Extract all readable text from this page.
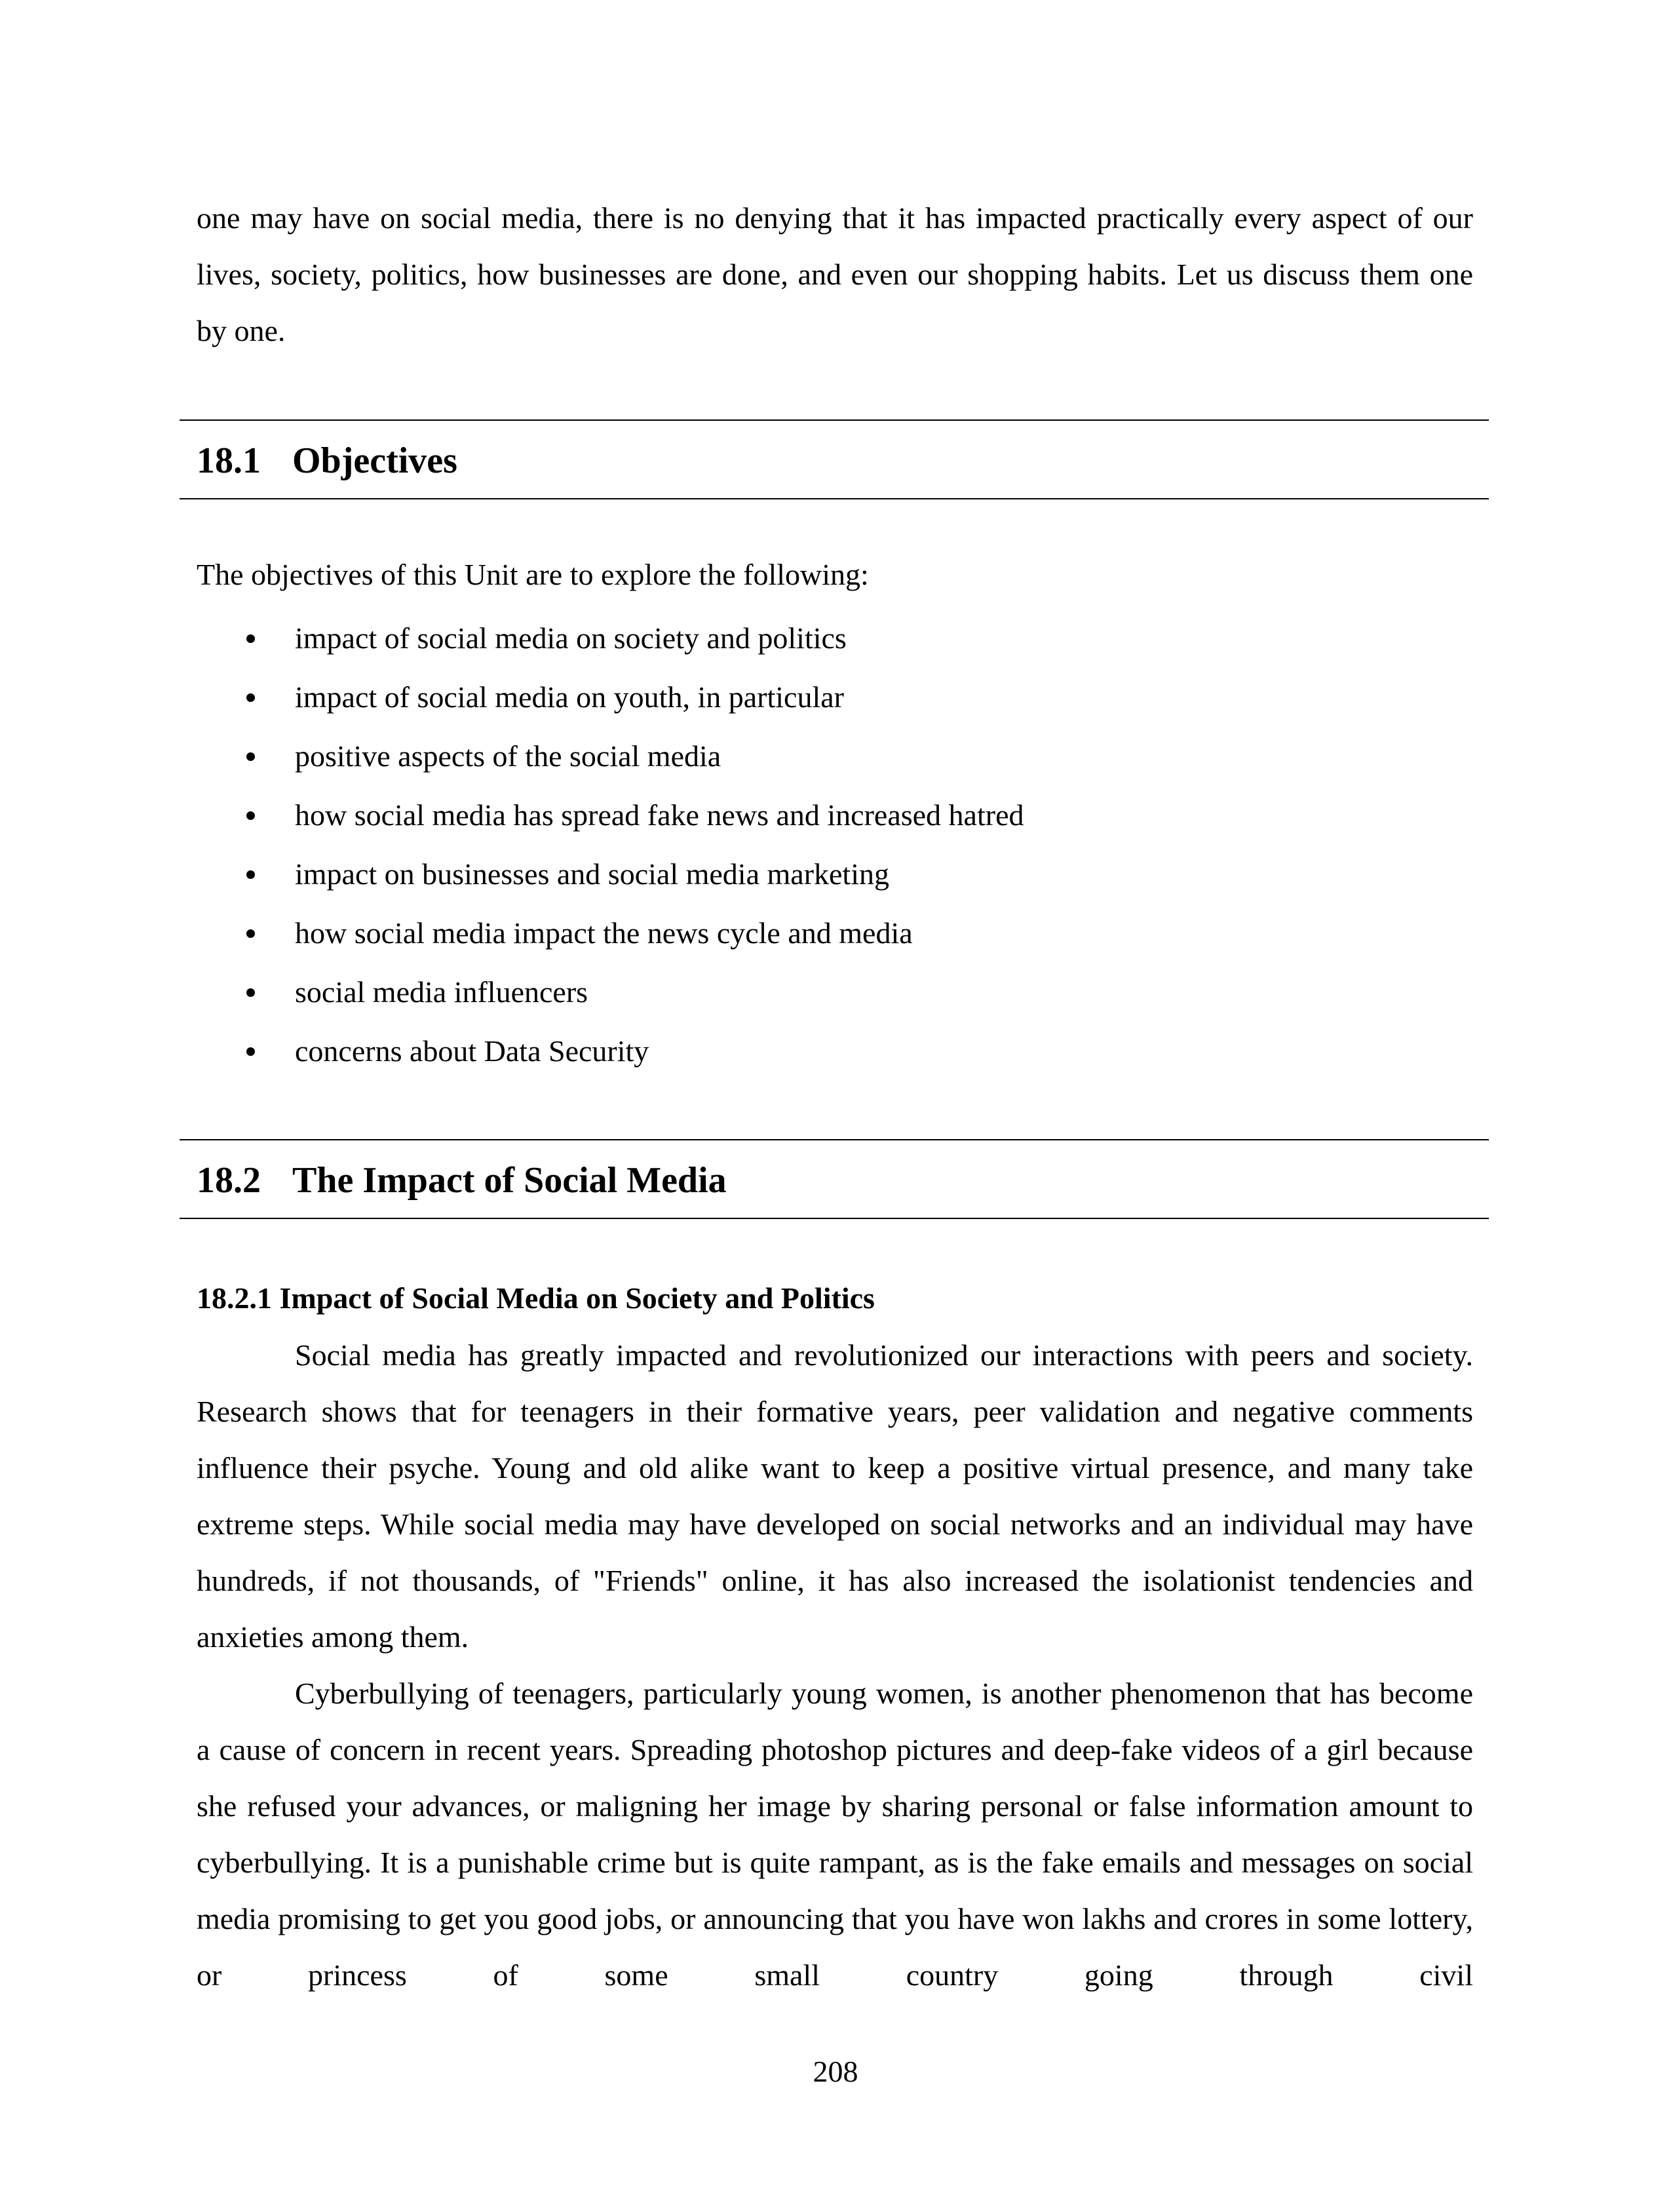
one may have on social media, there is no denying that it has impacted practically every aspect of our lives, society, politics, how businesses are done, and even our shopping habits. Let us discuss them one by one.
18.1 Objectives
The objectives of this Unit are to explore the following:
impact of social media on society and politics
impact of social media on youth, in particular
positive aspects of the social media
how social media has spread fake news and increased hatred
impact on businesses and social media marketing
how social media impact the news cycle and media
social media influencers
concerns about Data Security
18.2 The Impact of Social Media
18.2.1 Impact of Social Media on Society and Politics

Social media has greatly impacted and revolutionized our interactions with peers and society. Research shows that for teenagers in their formative years, peer validation and negative comments influence their psyche. Young and old alike want to keep a positive virtual presence, and many take extreme steps. While social media may have developed on social networks and an individual may have hundreds, if not thousands, of "Friends" online, it has also increased the isolationist tendencies and anxieties among them.

Cyberbullying of teenagers, particularly young women, is another phenomenon that has become a cause of concern in recent years. Spreading photoshop pictures and deep-fake videos of a girl because she refused your advances, or maligning her image by sharing personal or false information amount to cyberbullying. It is a punishable crime but is quite rampant, as is the fake emails and messages on social media promising to get you good jobs, or announcing that you have won lakhs and crores in some lottery, or princess of some small country going through civil

208
